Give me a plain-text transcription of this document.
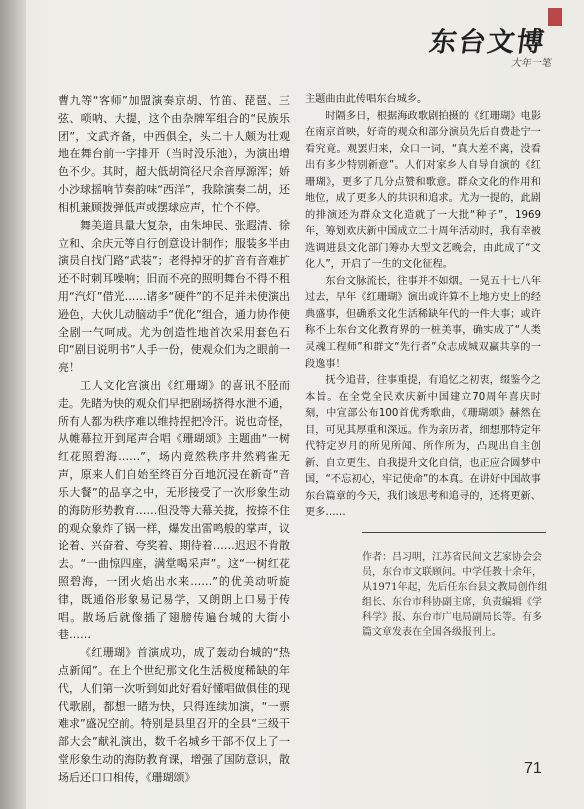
东台文博
大年一笔

曹九等“客师”加盟演奏京胡、竹笛、琵琶、三弦、唢呐、大提，这个由杂牌军组合的“民族乐团”，文武齐备，中西俱全，头二十人颇为壮观地在舞台前一字排开（当时没乐池），为演出增色不少。其时，超大低胡筒径尺余音厚源浑；娇小沙球摇响节奏韵味“西洋”，我除演奏二胡，还相机兼顾拨弹低声或摆球应声，忙个不停。

舞美道具量大复杂，由朱坤民、张遐清、徐立和、余庆元等自行创意设计制作；服装多半由演员自找门路“武装”；老得掉牙的扩音有音难扩还不时刺耳噪响；旧而不亮的照明舞台不得不租用“汽灯”借光……诸多“硬件”的不足并未使演出逊色，大伙儿动脑动手“优化”组合，通力协作使全剧一气呵成。尤为创造性地首次采用套色石印“剧目说明书”人手一份，使观众们为之眼前一亮！

工人文化宫演出《红珊瑚》的喜讯不胫而走。先睹为快的观众们早把剧场挤得水泄不通，所有人都为秩序难以维持捏把冷汗。说也奇怪，从帷幕拉开到尾声合唱《珊瑚颂》主题曲“一树红花照碧海……”，场内竟然秩序井然鸦雀无声，原来人们自始至终百分百地沉浸在新奇“音乐大餐”的品享之中，无形接受了一次形象生动的海防形势教育……但没等大幕关拢，按捺不住的观众象炸了锅一样，爆发出雷鸣般的掌声，议论着、兴奋着、夸奖着、期待着……迟迟不肯散去。“一曲惊四座，满堂喝采声”。这“一树红花照碧海，一团火焰出水来……”的优美动听旋律，既通俗形象易记易学，又朗朗上口易于传唱。散场后就像插了翅膀传遍台城的大街小巷……

《红珊瑚》首演成功，成了轰动台城的“热点新闻”。在上个世纪那文化生活极度稀缺的年代，人们第一次听到如此好看好懂唱做俱佳的现代歌剧，都想一睹为快，只得连续加演，“一票难求”盛况空前。特别是县里召开的全县“三级干部大会”献礼演出，数千名城乡干部不仅上了一堂形象生动的海防教育课，增强了国防意识，散场后还口口相传，《珊瑚颂》

主题曲由此传唱东台城乡。

时隔多日，根据海政歌剧拍摄的《红珊瑚》电影在南京首映，好奇的观众和部分演员先后自费赴宁一看究竟。观罢归来，众口一词，“真大差不离，没看出有多少特别新意”。人们对家乡人自导自演的《红珊瑚》，更多了几分点赞和歌意。群众文化的作用和地位，成了更多人的共识和追求。尤为一提的，此剧的排演还为群众文化造就了一大批“种子”，1969年，筹划欢庆新中国成立二十周年活动时，我有幸被选调进县文化部门筹办大型文艺晚会，由此成了“文化人”，开启了一生的文化征程。

东台文脉流长，往事并不如烟。一晃五十七八年过去，早年《红珊瑚》演出或许算不上地方史上的经典盛事，但确系文化生活稀缺年代的一件大事；或许称不上东台文化教育界的一桩美事，确实成了“人类灵魂工程师”和群文“先行者”众志成城双赢共享的一段逸事！

抚今追昔，往事重提，有追忆之初衷，缀鉴今之本旨。在全党全民欢庆新中国建立70周年喜庆时刻，中宣部公布100首优秀歌曲，《珊瑚颂》赫然在目，可见其厚重和深远。作为亲历者，细想那特定年代特定岁月的所见所闻、所作所为，凸现出自主创新、自立更生、自我提升文化自信，也正应合圆梦中国，“不忘初心，牢记使命”的本真。在讲好中国故事东台篇章的今天，我们该思考和追寻的，还将更新、更多……

作者：吕习明，江苏省民间文艺家协会会员，东台市文联顾问。中学任教十余年，从1971年起，先后任东台县文教局创作组组长、东台市科协副主席，负责编辑《学科学》报、东台市广电局副局长等。有多篇文章发表在全国各级报刊上。
71
